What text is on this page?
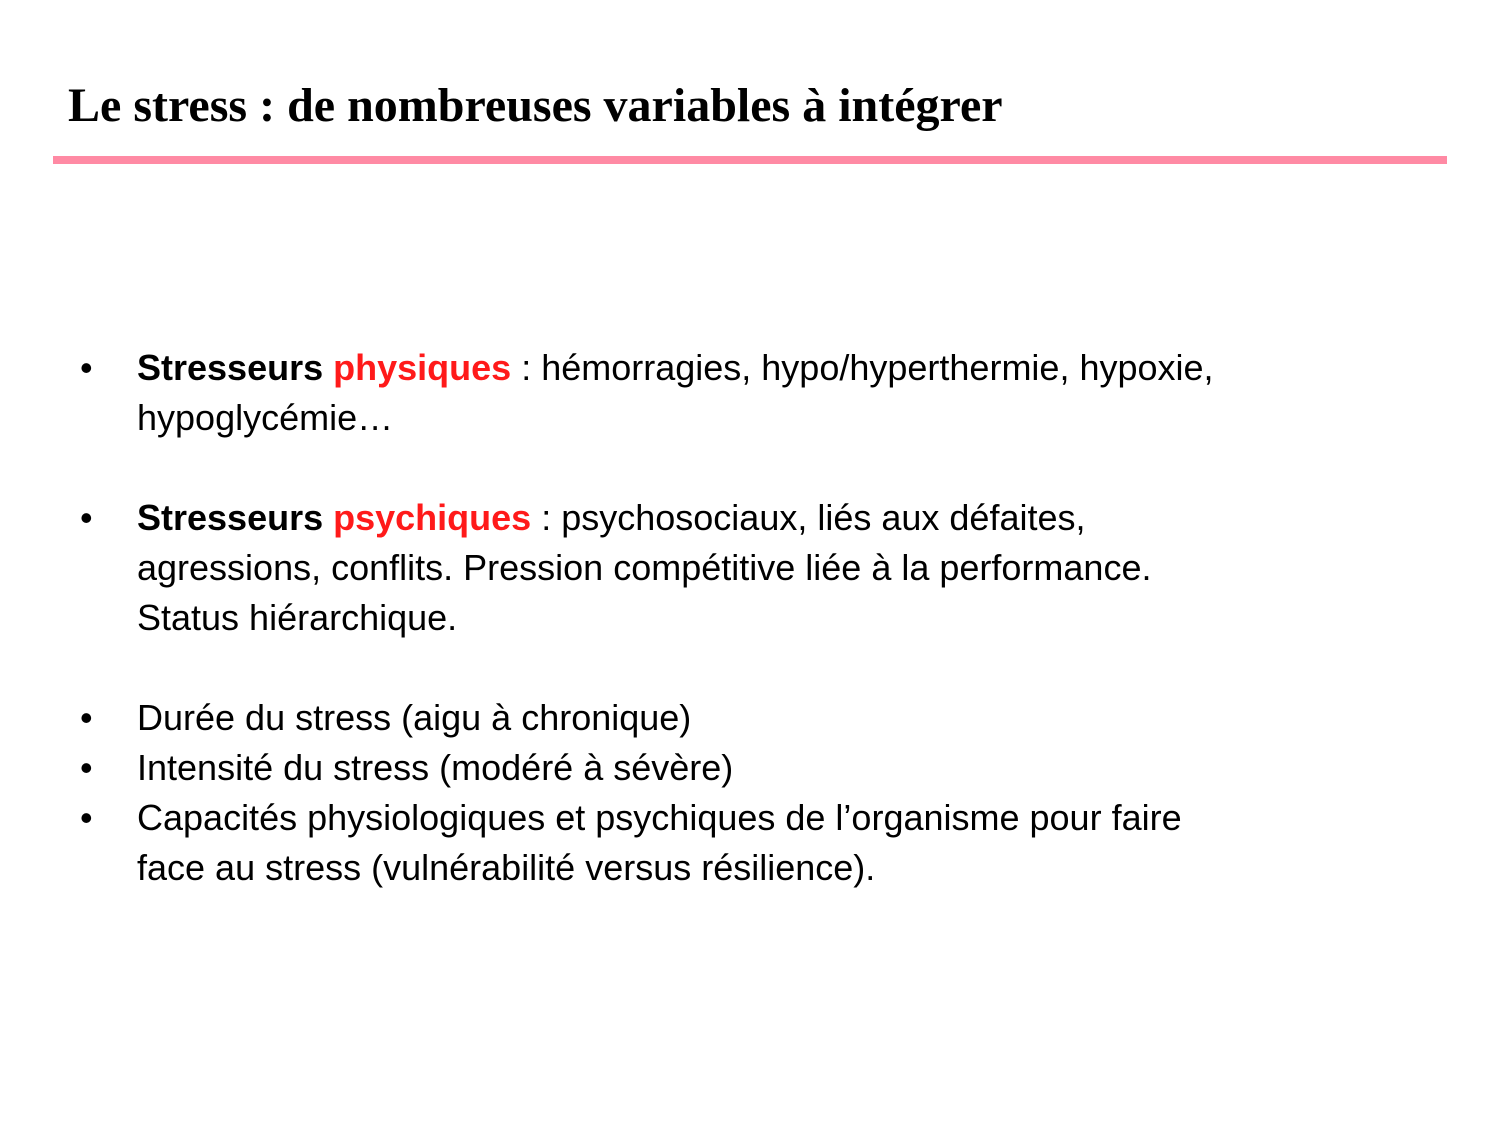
Le stress : de nombreuses variables à intégrer
• Stresseurs physiques : hémorragies, hypo/hyperthermie, hypoxie,
hypoglycémie…
• Stresseurs psychiques : psychosociaux, liés aux défaites,
agressions, conflits. Pression compétitive liée à la performance.
Status hiérarchique.
• Durée du stress (aigu à chronique)
• Intensité du stress (modéré à sévère)
• Capacités physiologiques et psychiques de l’organisme pour faire
face au stress (vulnérabilité versus résilience).
